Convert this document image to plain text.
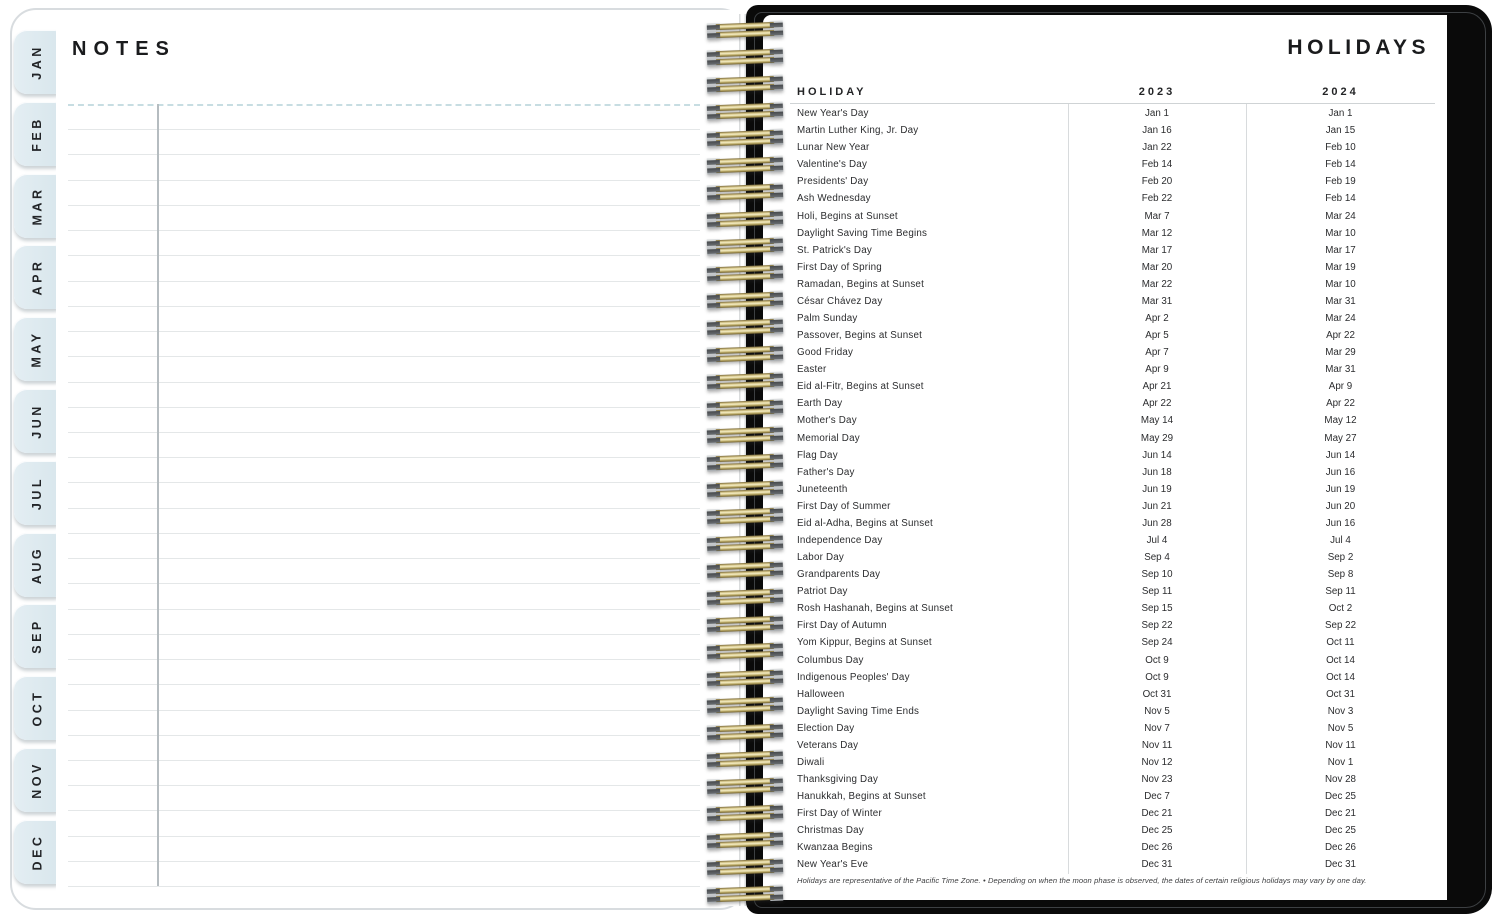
JAN
FEB
MAR
APR
MAY
JUN
JUL
AUG
SEP
OCT
NOV
DEC
NOTES	HOLIDAYS
HOLIDAY	2023	2024
New Year's Day	Jan 1	Jan 1
Martin Luther King, Jr. Day	Jan 16	Jan 15
Lunar New Year	Jan 22	Feb 10
Valentine's Day	Feb 14	Feb 14
Presidents' Day	Feb 20	Feb 19
Ash Wednesday	Feb 22	Feb 14
Holi, Begins at Sunset	Mar 7	Mar 24
Daylight Saving Time Begins	Mar 12	Mar 10
St. Patrick's Day	Mar 17	Mar 17
First Day of Spring	Mar 20	Mar 19
Ramadan, Begins at Sunset	Mar 22	Mar 10
César Chávez Day	Mar 31	Mar 31
Palm Sunday	Apr 2	Mar 24
Passover, Begins at Sunset	Apr 5	Apr 22
Good Friday	Apr 7	Mar 29
Easter	Apr 9	Mar 31
Eid al-Fitr, Begins at Sunset	Apr 21	Apr 9
Earth Day	Apr 22	Apr 22
Mother's Day	May 14	May 12
Memorial Day	May 29	May 27
Flag Day	Jun 14	Jun 14
Father's Day	Jun 18	Jun 16
Juneteenth	Jun 19	Jun 19
First Day of Summer	Jun 21	Jun 20
Eid al-Adha, Begins at Sunset	Jun 28	Jun 16
Independence Day	Jul 4	Jul 4
Labor Day	Sep 4	Sep 2
Grandparents Day	Sep 10	Sep 8
Patriot Day	Sep 11	Sep 11
Rosh Hashanah, Begins at Sunset	Sep 15	Oct 2
First Day of Autumn	Sep 22	Sep 22
Yom Kippur, Begins at Sunset	Sep 24	Oct 11
Columbus Day	Oct 9	Oct 14
Indigenous Peoples' Day	Oct 9	Oct 14
Halloween	Oct 31	Oct 31
Daylight Saving Time Ends	Nov 5	Nov 3
Election Day	Nov 7	Nov 5
Veterans Day	Nov 11	Nov 11
Diwali	Nov 12	Nov 1
Thanksgiving Day	Nov 23	Nov 28
Hanukkah, Begins at Sunset	Dec 7	Dec 25
First Day of Winter	Dec 21	Dec 21
Christmas Day	Dec 25	Dec 25
Kwanzaa Begins	Dec 26	Dec 26
New Year's Eve	Dec 31	Dec 31
Holidays are representative of the Pacific Time Zone. • Depending on when the moon phase is observed, the dates of certain religious holidays may vary by one day.
